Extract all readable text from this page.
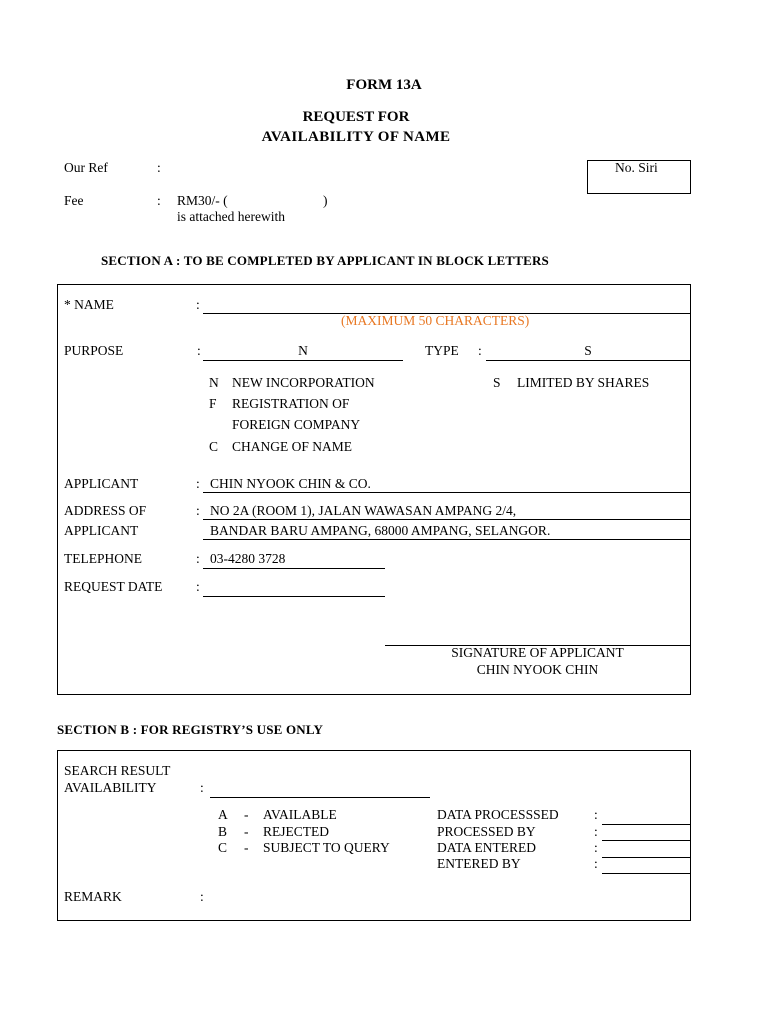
FORM 13A
REQUEST FOR
AVAILABILITY OF NAME
Our Ref	:	No. Siri
Fee	: RM30/- (	)
is attached herewith
SECTION A : TO BE COMPLETED BY APPLICANT IN BLOCK LETTERS
* NAME	:
(MAXIMUM 50 CHARACTERS)
PURPOSE	:	N	TYPE :	S
N NEW INCORPORATION
F REGISTRATION OF
FOREIGN COMPANY
C CHANGE OF NAME
S LIMITED BY SHARES
APPLICANT	: CHIN NYOOK CHIN & CO.
ADDRESS OF	: NO 2A (ROOM 1), JALAN WAWASAN AMPANG 2/4,
APPLICANT	BANDAR BARU AMPANG, 68000 AMPANG, SELANGOR.
TELEPHONE	: 03-4280 3728
REQUEST DATE :
SIGNATURE OF APPLICANT
CHIN NYOOK CHIN
SECTION B : FOR REGISTRY’S USE ONLY
SEARCH RESULT
AVAILABILITY	:
A - AVAILABLE
B - REJECTED
C - SUBJECT TO QUERY
DATA PROCESSSED	:
PROCESSED BY	:
DATA ENTERED	:
ENTERED BY	:
REMARK	:
